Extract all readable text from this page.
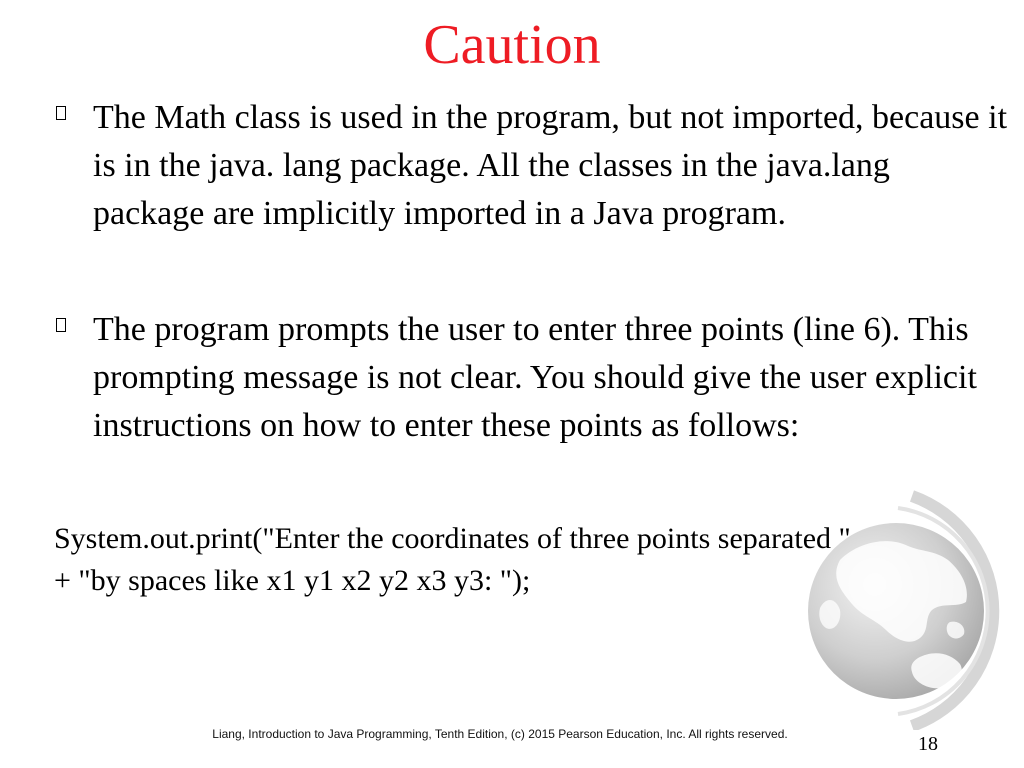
Caution
The Math class is used in the program, but not imported, because it is in the java. lang package. All the classes in the java.lang package are implicitly imported in a Java program.
The program prompts the user to enter three points (line 6). This prompting message is not clear. You should give the user explicit instructions on how to enter these points as follows:
System.out.print("Enter the coordinates of three points separated "
+ "by spaces like x1 y1 x2 y2 x3 y3: ");
Liang, Introduction to Java Programming, Tenth Edition, (c) 2015 Pearson Education, Inc. All rights reserved.	18
